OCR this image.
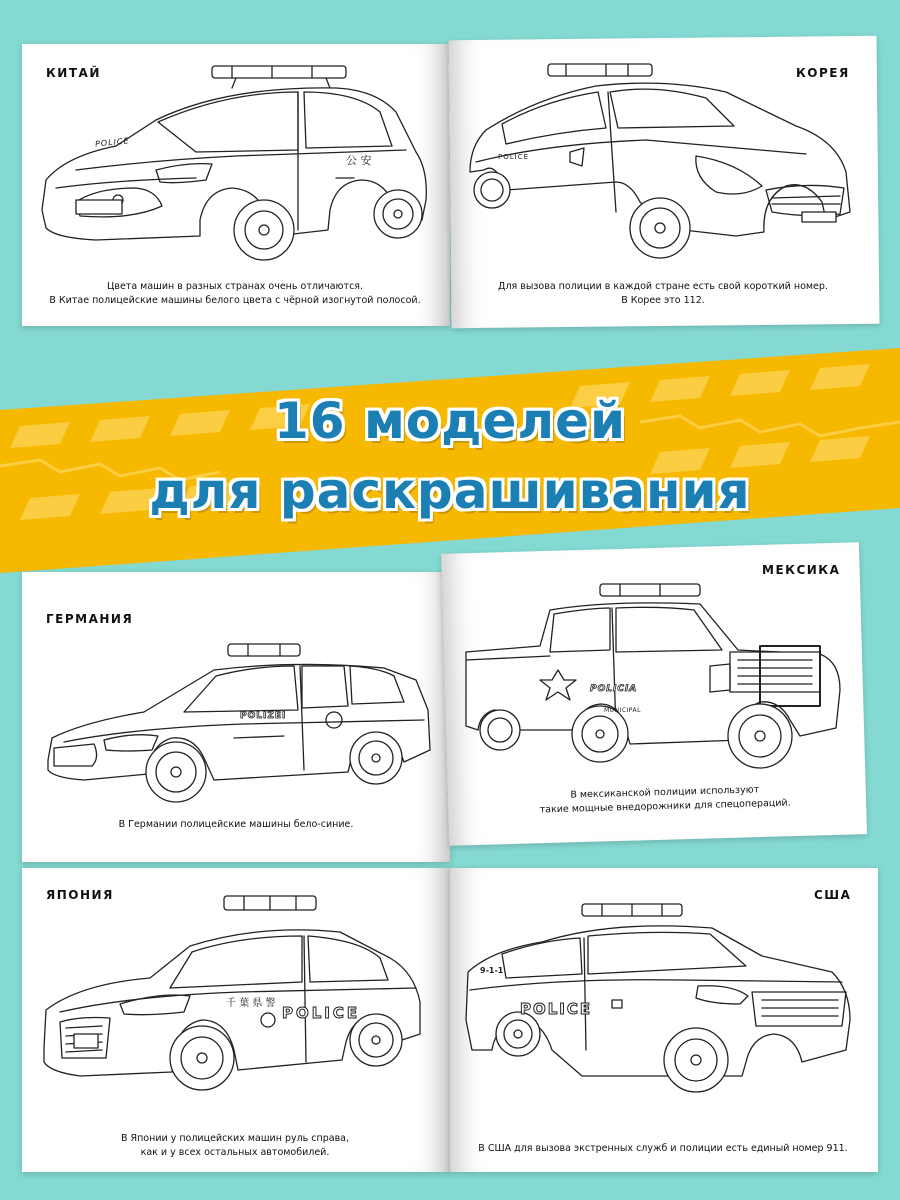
КИТАЙ	КОРЕЯ
公 安
POLICE
POLICE
Цвета машин в разных странах очень отличаются.
В Китае полицейские машины белого цвета с чёрной изогнутой полосой.
Для вызова полиции в каждой стране есть свой короткий номер.
В Корее это 112.
16 моделей
для раскрашивания
ГЕРМАНИЯ
МЕКСИКА
POLIZEI
POLICIA
MUNICIPAL
В Германии полицейские машины бело-синие.
В мексиканской полиции используют
такие мощные внедорожники для спецопераций.
ЯПОНИЯ	США
千 葉 県 警
POLICE	POLICE
9-1-1
В Японии у полицейских машин руль справа,
как и у всех остальных автомобилей.	В США для вызова экстренных служб и полиции есть единый номер 911.
